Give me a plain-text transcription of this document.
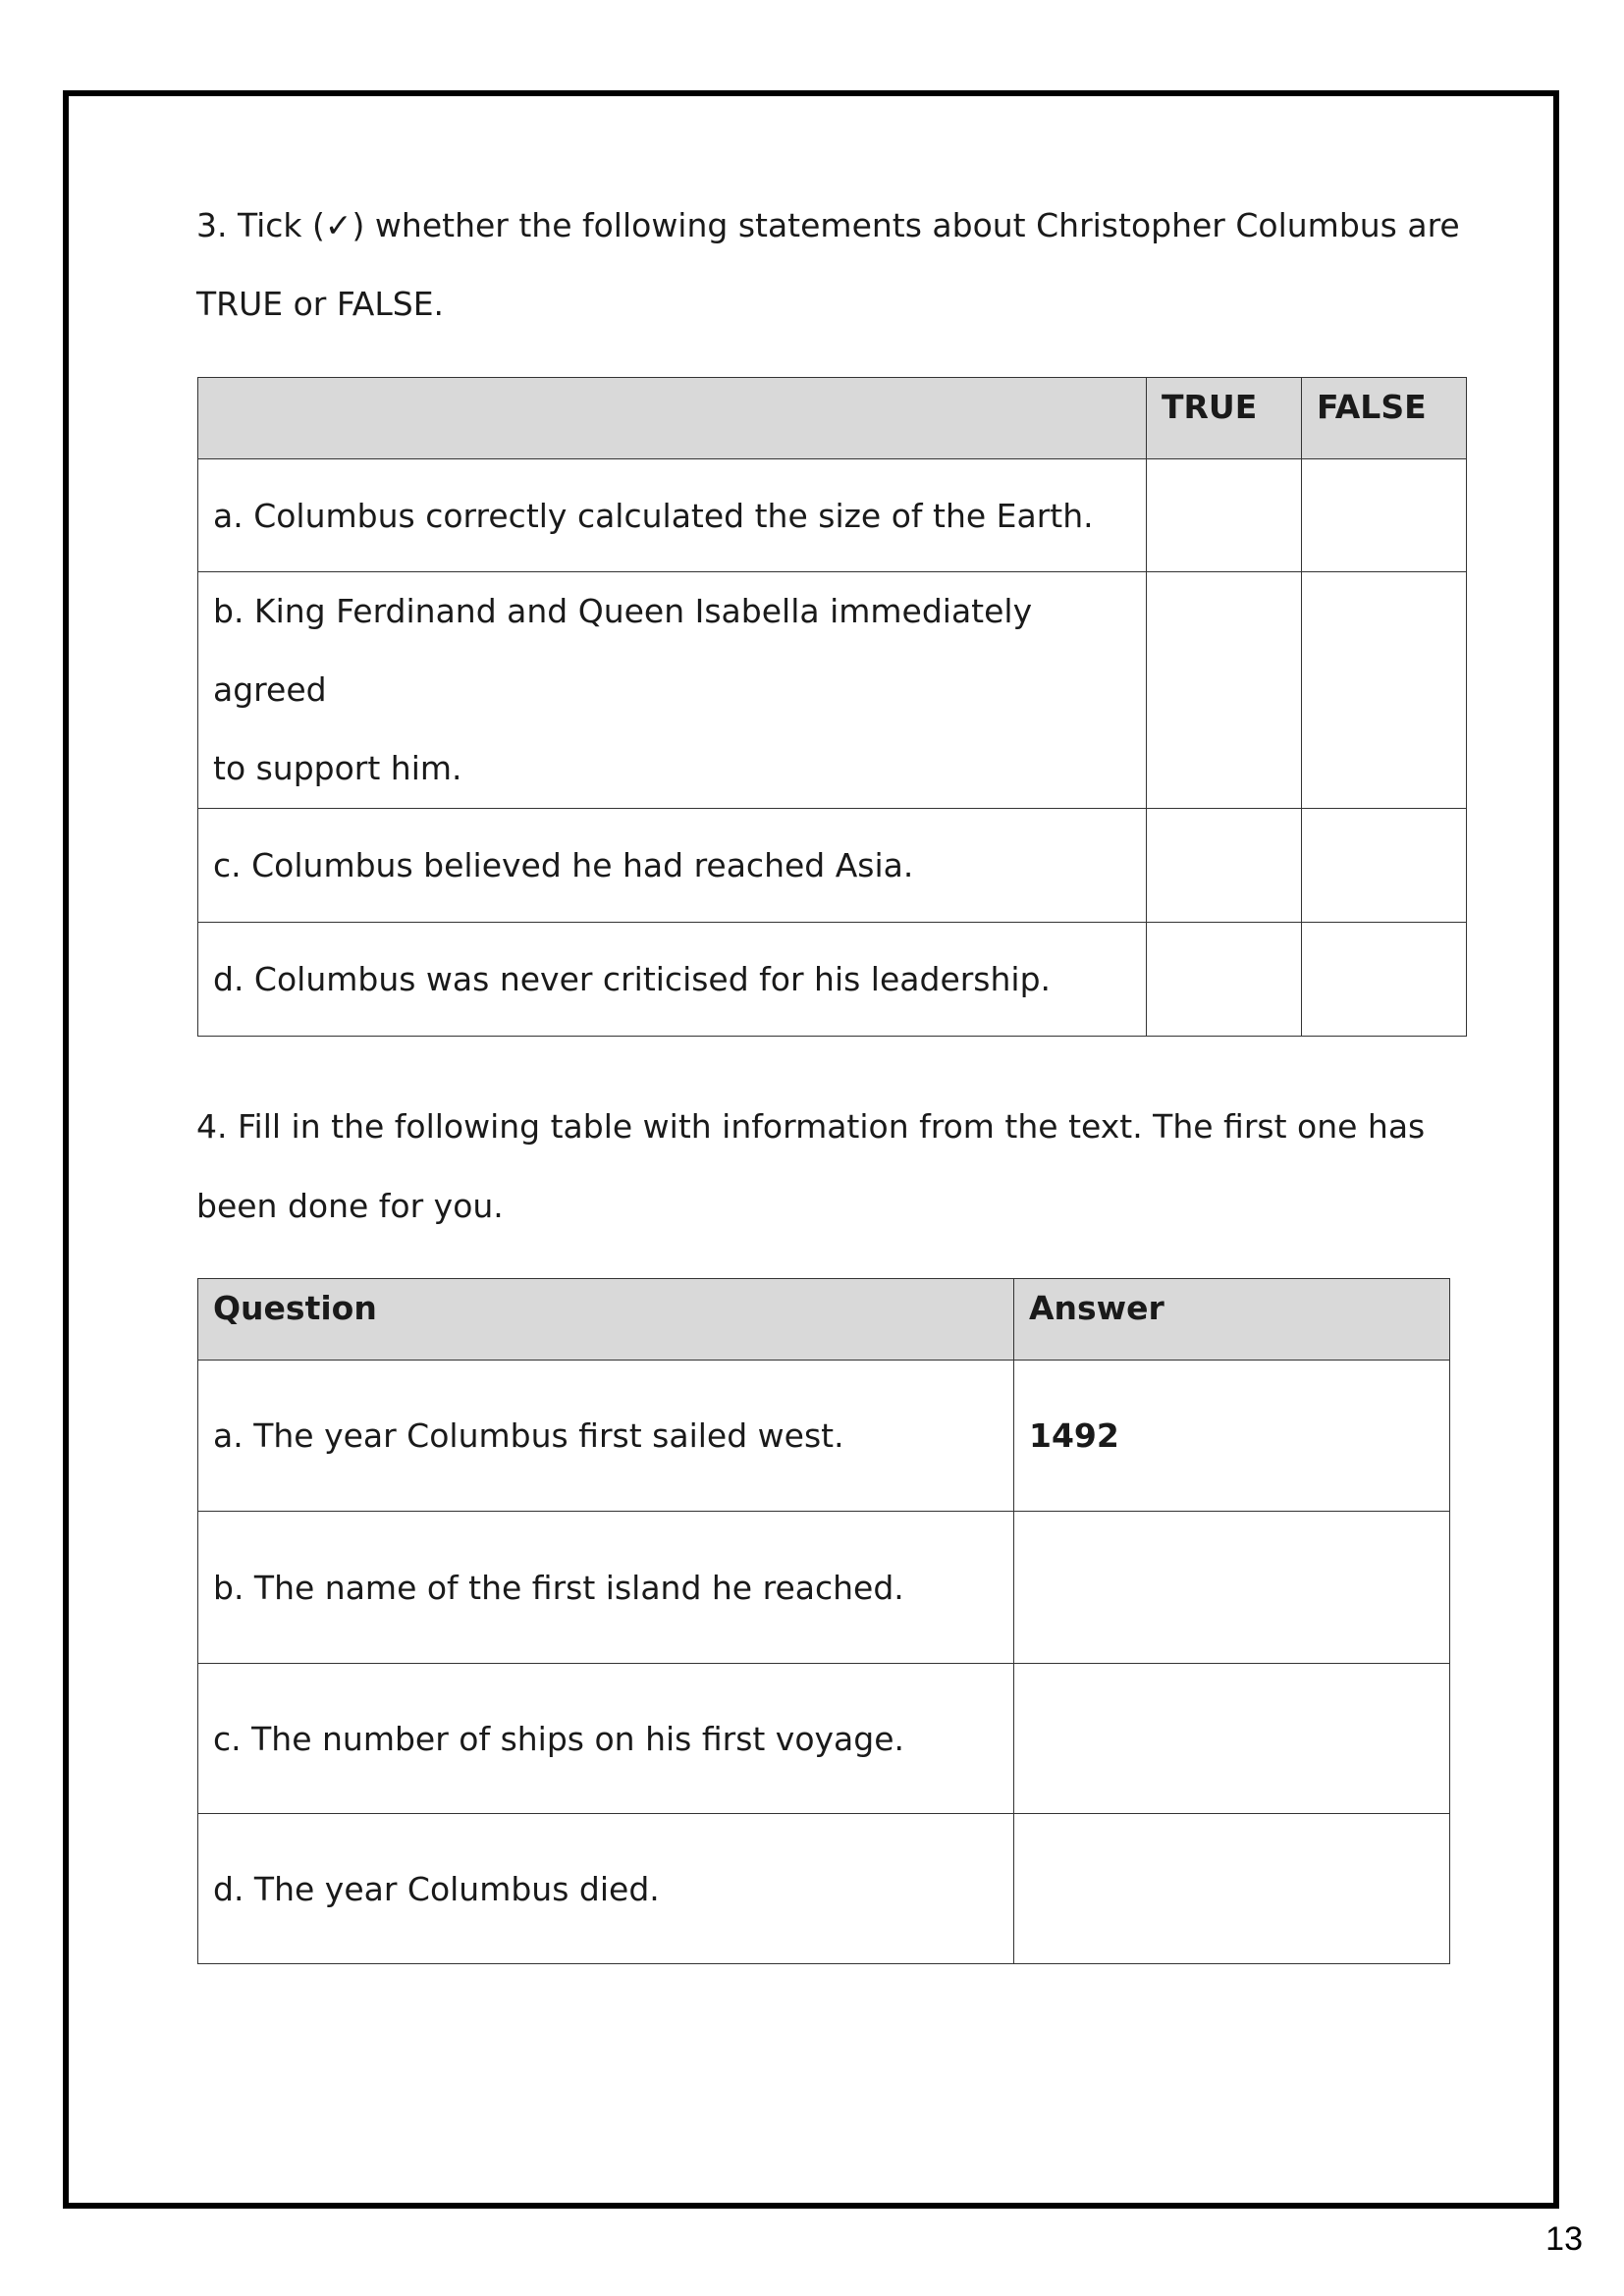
3. Tick (✓) whether the following statements about Christopher Columbus are

TRUE or FALSE.

	TRUE	FALSE
a. Columbus correctly calculated the size of the Earth.		

b. King Ferdinand and Queen Isabella immediately agreed
to support him.		

c. Columbus believed he had reached Asia.		
d. Columbus was never criticised for his leadership.		

4. Fill in the following table with information from the text. The first one has

been done for you.

Question	Answer
a. The year Columbus first sailed west.	1492
b. The name of the first island he reached.	
c. The number of ships on his first voyage.	
d. The year Columbus died.	
13
